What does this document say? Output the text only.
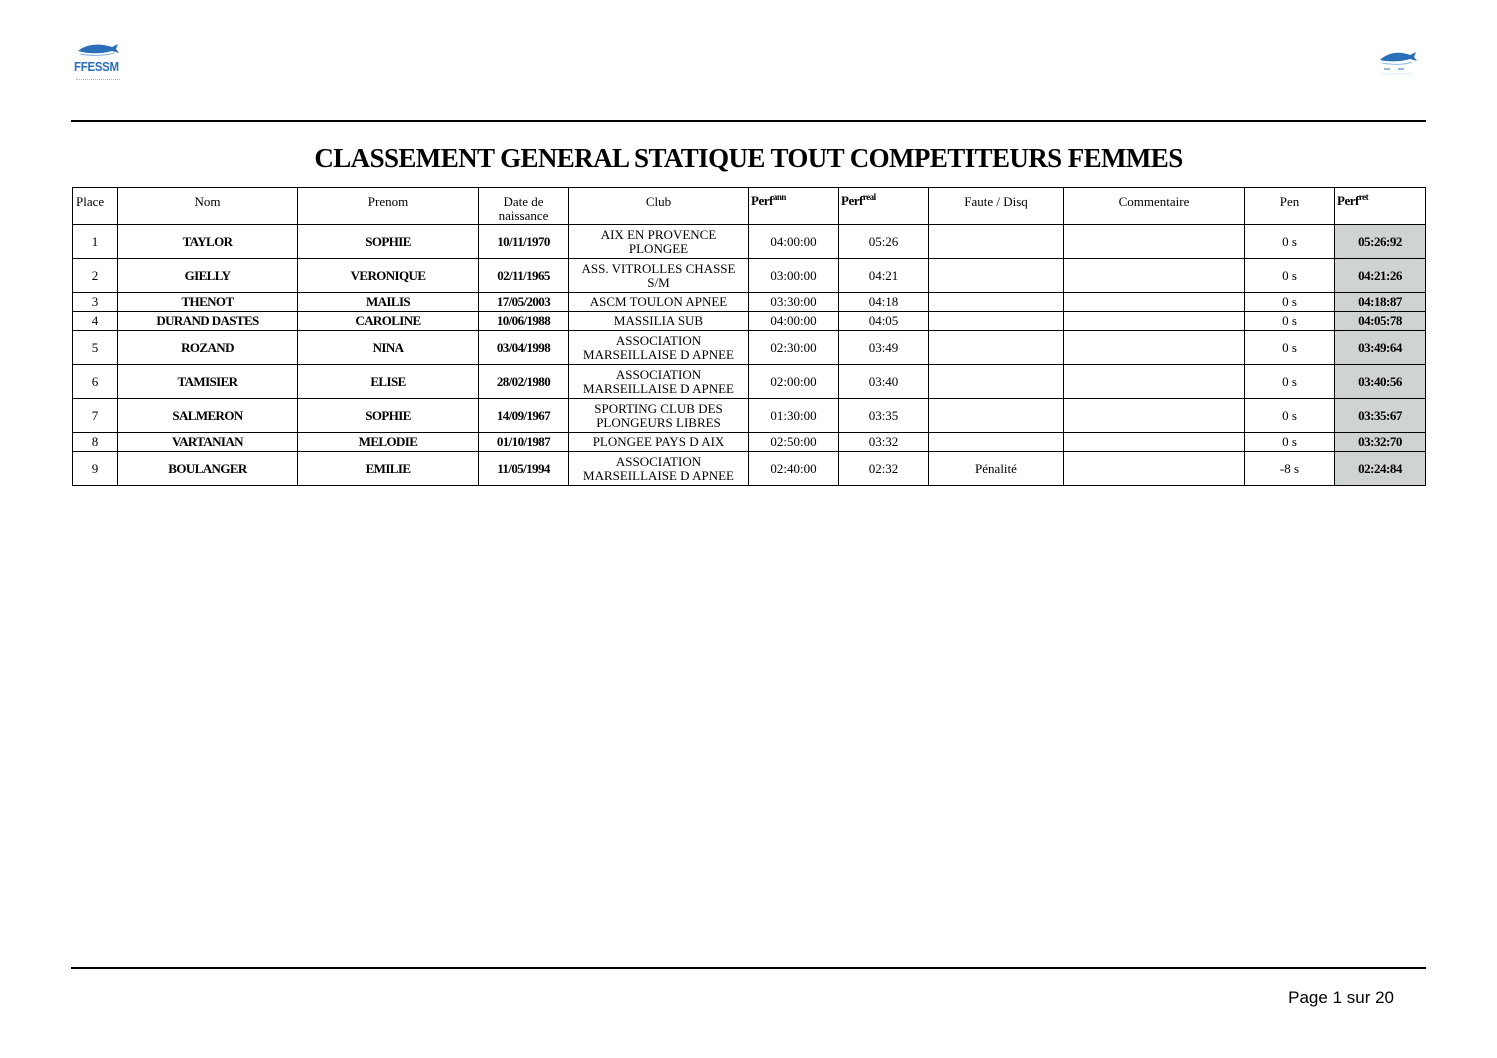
FFESSM
CLASSEMENT GENERAL STATIQUE TOUT COMPETITEURS FEMMES
Place	Nom	Prenom	Date de naissance	Club	Perf$^{ann}$	Perf$^{real}$	Faute / Disq	Commentaire	Pen	Perf$^{ret}$
1	TAYLOR	SOPHIE	10/11/1970	AIX EN PROVENCE PLONGEE	04:00:00	05:26			0 s	05:26:92
2	GIELLY	VERONIQUE	02/11/1965	ASS. VITROLLES CHASSE S/M	03:00:00	04:21			0 s	04:21:26
3	THENOT	MAILIS	17/05/2003	ASCM TOULON APNEE	03:30:00	04:18			0 s	04:18:87
4	DURAND DASTES	CAROLINE	10/06/1988	MASSILIA SUB	04:00:00	04:05			0 s	04:05:78
5	ROZAND	NINA	03/04/1998	ASSOCIATION MARSEILLAISE D APNEE	02:30:00	03:49			0 s	03:49:64
6	TAMISIER	ELISE	28/02/1980	ASSOCIATION MARSEILLAISE D APNEE	02:00:00	03:40			0 s	03:40:56
7	SALMERON	SOPHIE	14/09/1967	SPORTING CLUB DES PLONGEURS LIBRES	01:30:00	03:35			0 s	03:35:67
8	VARTANIAN	MELODIE	01/10/1987	PLONGEE PAYS D AIX	02:50:00	03:32			0 s	03:32:70
9	BOULANGER	EMILIE	11/05/1994	ASSOCIATION MARSEILLAISE D APNEE	02:40:00	02:32	Pénalité		-8 s	02:24:84
Page 1 sur 20
